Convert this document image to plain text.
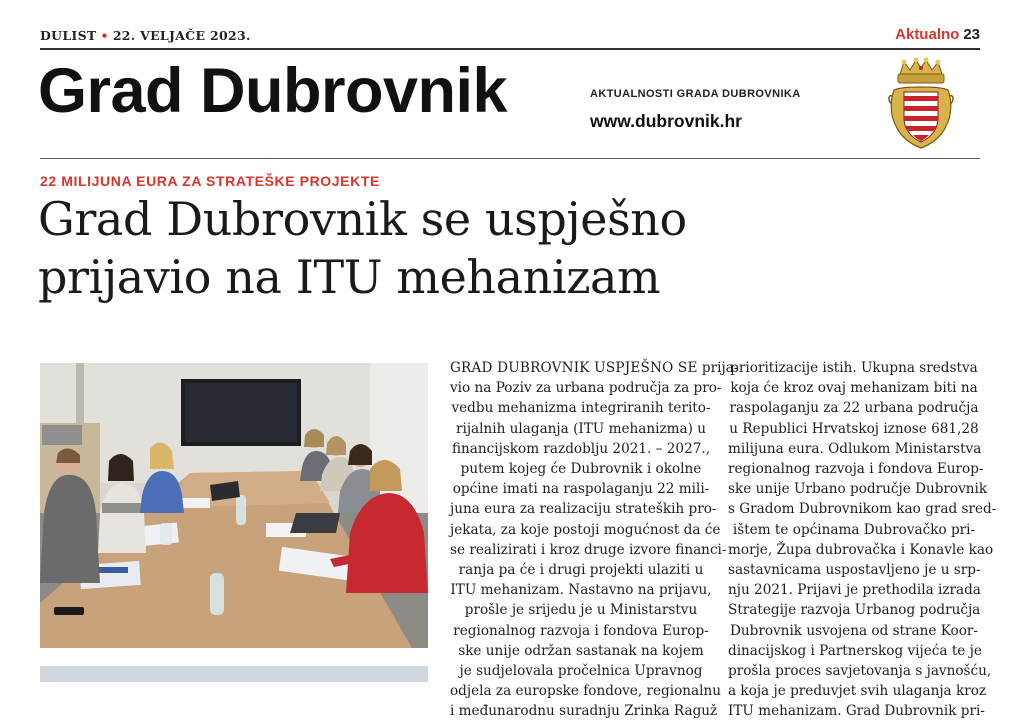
DULIST • 22. VELJAČE 2023.	Aktualno 23
Grad Dubrovnik	AKTUALNOSTI GRADA DUBROVNIKA
www.dubrovnik.hr
22 MILIJUNA EURA ZA STRATEŠKE PROJEKTE
Grad Dubrovnik se uspješno
prijavio na ITU mehanizam
GRAD DUBROVNIK USPJEŠNO SE prija-
vio na Poziv za urbana područja za pro-
vedbu mehanizma integriranih terito-
rijalnih ulaganja (ITU mehanizma) u
financijskom razdoblju 2021. – 2027.,
putem kojeg će Dubrovnik i okolne
općine imati na raspolaganju 22 mili-
juna eura za realizaciju strateških pro-
jekata, za koje postoji mogućnost da će
se realizirati i kroz druge izvore financi-
ranja pa će i drugi projekti ulaziti u
ITU mehanizam. Nastavno na prijavu,
prošle je srijedu je u Ministarstvu
regionalnog razvoja i fondova Europ-
ske unije održan sastanak na kojem
je sudjelovala pročelnica Upravnog
odjela za europske fondove, regionalnu
i međunarodnu suradnju Zrinka Raguž
prioritizacije istih. Ukupna sredstva
koja će kroz ovaj mehanizam biti na
raspolaganju za 22 urbana područja
u Republici Hrvatskoj iznose 681,28
milijuna eura. Odlukom Ministarstva
regionalnog razvoja i fondova Europ-
ske unije Urbano područje Dubrovnik
s Gradom Dubrovnikom kao grad sred-
ištem te općinama Dubrovačko pri-
morje, Župa dubrovačka i Konavle kao
sastavnicama uspostavljeno je u srp-
nju 2021. Prijavi je prethodila izrada
Strategije razvoja Urbanog područja
Dubrovnik usvojena od strane Koor-
dinacijskog i Partnerskog vijeća te je
prošla proces savjetovanja s javnošću,
a koja je preduvjet svih ulaganja kroz
ITU mehanizam. Grad Dubrovnik pri-
